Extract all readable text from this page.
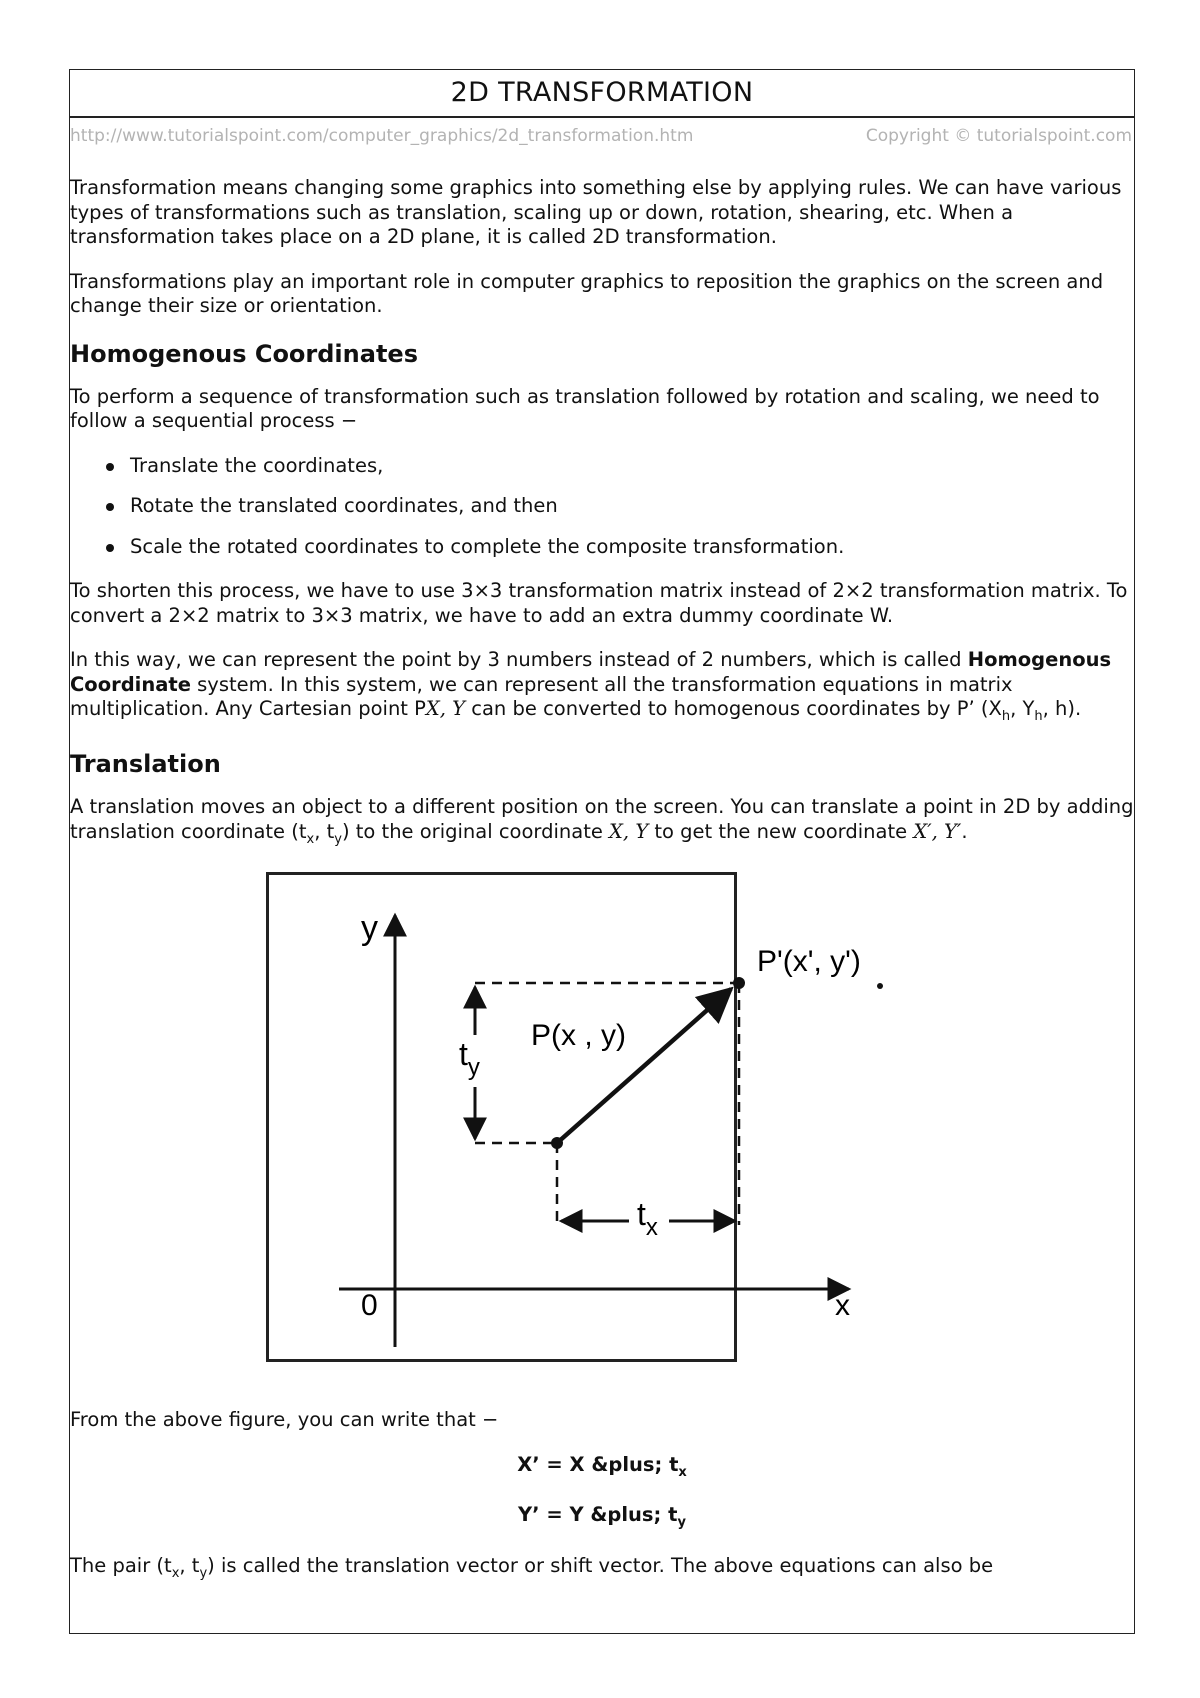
2D TRANSFORMATION
http://www.tutorialspoint.com/computer_graphics/2d_transformation.htm	Copyright © tutorialspoint.com

Transformation means changing some graphics into something else by applying rules. We can have various types of transformations such as translation, scaling up or down, rotation, shearing, etc. When a transformation takes place on a 2D plane, it is called 2D transformation.

Transformations play an important role in computer graphics to reposition the graphics on the screen and change their size or orientation.

Homogenous Coordinates

To perform a sequence of transformation such as translation followed by rotation and scaling, we need to follow a sequential process −

Translate the coordinates,
Rotate the translated coordinates, and then
Scale the rotated coordinates to complete the composite transformation.

To shorten this process, we have to use 3×3 transformation matrix instead of 2×2 transformation matrix. To convert a 2×2 matrix to 3×3 matrix, we have to add an extra dummy coordinate W.

In this way, we can represent the point by 3 numbers instead of 2 numbers, which is called Homogenous Coordinate system. In this system, we can represent all the transformation equations in matrix multiplication. Any Cartesian point PX, Y can be converted to homogenous coordinates by P’ ($X_h$, $Y_h$, h).

Translation

A translation moves an object to a different position on the screen. You can translate a point in 2D by adding translation coordinate ($t_x$, $t_y$) to the original coordinate X, Y to get the new coordinate X′, Y′.

y
x
0
P(x , y)
P'(x', y')
$t_y$
$t_x$

From the above figure, you can write that −

X’ = X &plus; $t_x$

Y’ = Y &plus; $t_y$

The pair ($t_x$, $t_y$) is called the translation vector or shift vector. The above equations can also be
